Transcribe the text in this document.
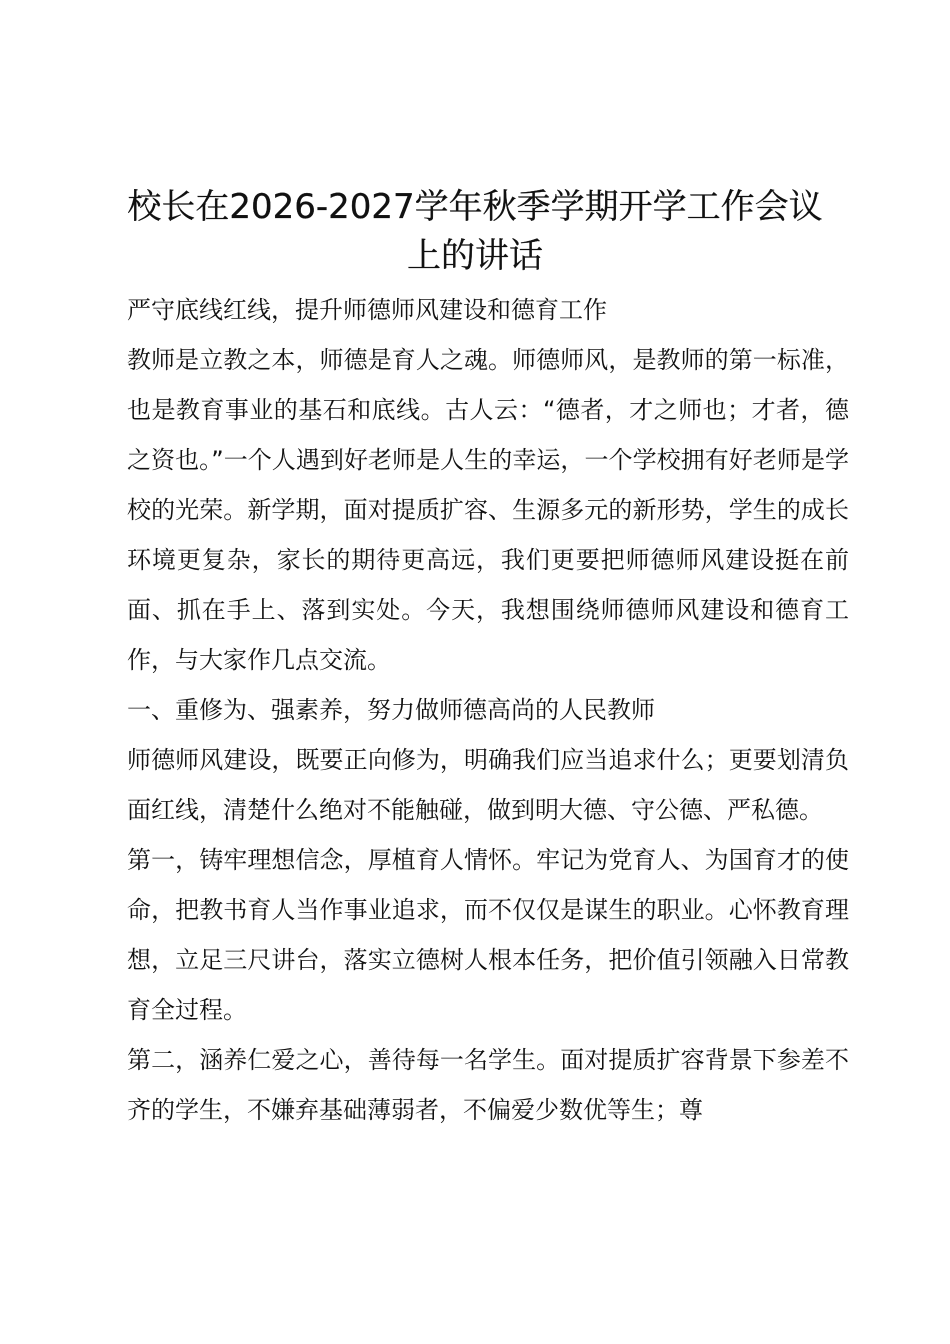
校长在2026-2027学年秋季学期开学工作会议上的讲话

严守底线红线，提升师德师风建设和德育工作

教师是立教之本，师德是育人之魂。师德师风，是教师的第一标准，也是教育事业的基石和底线。古人云：“德者，才之师也；才者，德之资也。”一个人遇到好老师是人生的幸运，一个学校拥有好老师是学校的光荣。新学期，面对提质扩容、生源多元的新形势，学生的成长环境更复杂，家长的期待更高远，我们更要把师德师风建设挺在前面、抓在手上、落到实处。今天，我想围绕师德师风建设和德育工作，与大家作几点交流。

一、重修为、强素养，努力做师德高尚的人民教师

师德师风建设，既要正向修为，明确我们应当追求什么；更要划清负面红线，清楚什么绝对不能触碰，做到明大德、守公德、严私德。

第一，铸牢理想信念，厚植育人情怀。牢记为党育人、为国育才的使命，把教书育人当作事业追求，而不仅仅是谋生的职业。心怀教育理想，立足三尺讲台，落实立德树人根本任务，把价值引领融入日常教育全过程。

第二，涵养仁爱之心，善待每一名学生。面对提质扩容背景下参差不齐的学生，不嫌弃基础薄弱者，不偏爱少数优等生；尊
